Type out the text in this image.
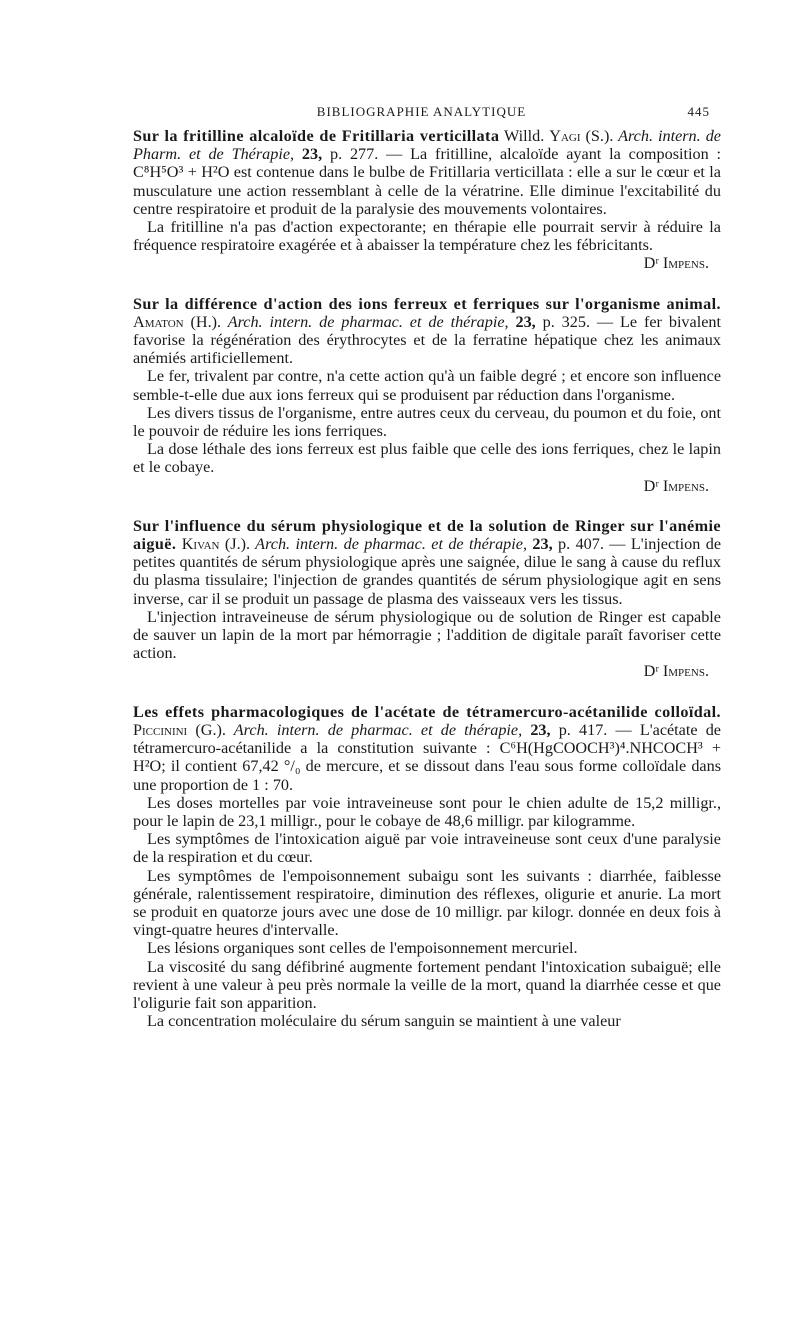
BIBLIOGRAPHIE ANALYTIQUE	445

Sur la fritilline alcaloïde de Fritillaria verticillata Willd. Yagi (S.). Arch. intern. de Pharm. et de Thérapie, 23, p. 277. — La fritilline, alcaloïde ayant la composition : C⁸H⁵O³ + H²O est contenue dans le bulbe de Fritillaria verticillata : elle a sur le cœur et la musculature une action ressemblant à celle de la vératrine. Elle diminue l'excitabilité du centre respiratoire et produit de la paralysie des mouvements volontaires.

La fritilline n'a pas d'action expectorante; en thérapie elle pourrait servir à réduire la fréquence respiratoire exagérée et à abaisser la température chez les fébricitants.

Dʳ Impens.

Sur la différence d'action des ions ferreux et ferriques sur l'organisme animal. Amaton (H.). Arch. intern. de pharmac. et de thérapie, 23, p. 325. — Le fer bivalent favorise la régénération des érythrocytes et de la ferratine hépatique chez les animaux anémiés artificiellement.

Le fer, trivalent par contre, n'a cette action qu'à un faible degré ; et encore son influence semble-t-elle due aux ions ferreux qui se produisent par réduction dans l'organisme.

Les divers tissus de l'organisme, entre autres ceux du cerveau, du poumon et du foie, ont le pouvoir de réduire les ions ferriques.

La dose léthale des ions ferreux est plus faible que celle des ions ferriques, chez le lapin et le cobaye.

Dʳ Impens.

Sur l'influence du sérum physiologique et de la solution de Ringer sur l'anémie aiguë. Kivan (J.). Arch. intern. de pharmac. et de thérapie, 23, p. 407. — L'injection de petites quantités de sérum physiologique après une saignée, dilue le sang à cause du reflux du plasma tissulaire; l'injection de grandes quantités de sérum physiologique agit en sens inverse, car il se produit un passage de plasma des vaisseaux vers les tissus.

L'injection intraveineuse de sérum physiologique ou de solution de Ringer est capable de sauver un lapin de la mort par hémorragie ; l'addition de digitale paraît favoriser cette action.

Dʳ Impens.

Les effets pharmacologiques de l'acétate de tétramercuro-acétanilide colloïdal. Piccinini (G.). Arch. intern. de pharmac. et de thérapie, 23, p. 417. — L'acétate de tétramercuro-acétanilide a la constitution suivante : C⁶H(HgCOOCH³)⁴.NHCOCH³ + H²O; il contient 67,42 °/₀ de mercure, et se dissout dans l'eau sous forme colloïdale dans une proportion de 1 : 70.

Les doses mortelles par voie intraveineuse sont pour le chien adulte de 15,2 milligr., pour le lapin de 23,1 milligr., pour le cobaye de 48,6 milligr. par kilogramme.

Les symptômes de l'intoxication aiguë par voie intraveineuse sont ceux d'une paralysie de la respiration et du cœur.

Les symptômes de l'empoisonnement subaigu sont les suivants : diarrhée, faiblesse générale, ralentissement respiratoire, diminution des réflexes, oligurie et anurie. La mort se produit en quatorze jours avec une dose de 10 milligr. par kilogr. donnée en deux fois à vingt-quatre heures d'intervalle.

Les lésions organiques sont celles de l'empoisonnement mercuriel.

La viscosité du sang défibriné augmente fortement pendant l'intoxication subaiguë; elle revient à une valeur à peu près normale la veille de la mort, quand la diarrhée cesse et que l'oligurie fait son apparition.

La concentration moléculaire du sérum sanguin se maintient à une valeur
